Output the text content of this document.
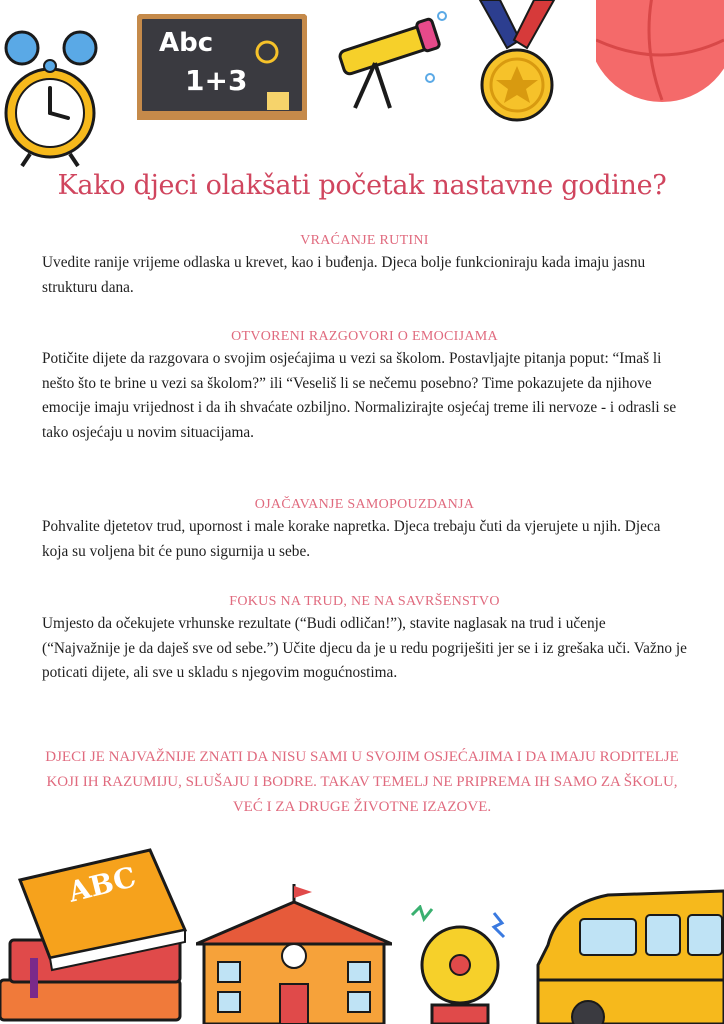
Abc
1+3
Kako djeci olakšati početak nastavne godine?
VRAĆANJE RUTINI
Uvedite ranije vrijeme odlaska u krevet, kao i buđenja. Djeca bolje funkcioniraju kada imaju jasnu strukturu dana.
OTVORENI RAZGOVORI O EMOCIJAMA
Potičite dijete da razgovara o svojim osjećajima u vezi sa školom. Postavljajte pitanja poput: “Imaš li nešto što te brine u vezi sa školom?” ili “Veseliš li se nečemu posebno? Time pokazujete da njihove emocije imaju vrijednost i da ih shvaćate ozbiljno. Normalizirajte osjećaj treme ili nervoze - i odrasli se tako osjećaju u novim situacijama.
OJAČAVANJE SAMOPOUZDANJA
Pohvalite djetetov trud, upornost i male korake napretka. Djeca trebaju čuti da vjerujete u njih. Djeca koja su voljena bit će puno sigurnija u sebe.
FOKUS NA TRUD, NE NA SAVRŠENSTVO
Umjesto da očekujete vrhunske rezultate (“Budi odličan!”), stavite naglasak na trud i učenje (“Najvažnije je da daješ sve od sebe.”) Učite djecu da je u redu pogriješiti jer se i iz grešaka uči. Važno je poticati dijete, ali sve u skladu s njegovim mogućnostima.
DJECI JE NAJVAŽNIJE ZNATI DA NISU SAMI U SVOJIM OSJEĆAJIMA I DA IMAJU RODITELJE KOJI IH RAZUMIJU, SLUŠAJU I BODRE. TAKAV TEMELJ NE PRIPREMA IH SAMO ZA ŠKOLU, VEĆ I ZA DRUGE ŽIVOTNE IZAZOVE.
ABC
